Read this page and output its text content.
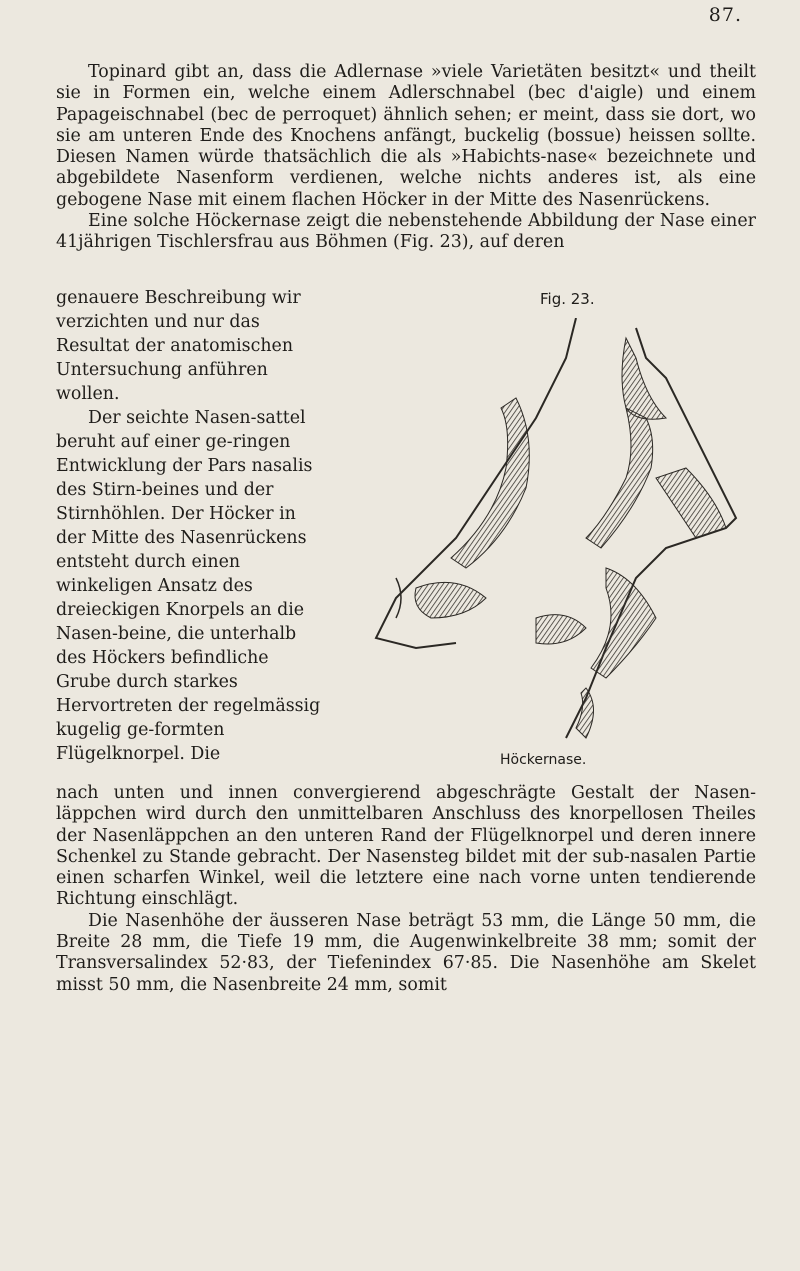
87.

Topinard gibt an, dass die Adlernase »viele Varietäten besitzt« und theilt sie in Formen ein, welche einem Adlerschnabel (bec d'aigle) und einem Papageischnabel (bec de perroquet) ähnlich sehen; er meint, dass sie dort, wo sie am unteren Ende des Knochens anfängt, buckelig (bossue) heissen sollte. Diesen Namen würde thatsächlich die als »Habichts-nase« bezeichnete und abgebildete Nasenform verdienen, welche nichts anderes ist, als eine gebogene Nase mit einem flachen Höcker in der Mitte des Nasenrückens.

Eine solche Höckernase zeigt die nebenstehende Abbildung der Nase einer 41jährigen Tischlersfrau aus Böhmen (Fig. 23), auf deren

genauere Beschreibung wir verzichten und nur das Resultat der anatomischen Untersuchung anführen wollen.

Der seichte Nasen-sattel beruht auf einer ge-ringen Entwicklung der Pars nasalis des Stirn-beines und der Stirnhöhlen. Der Höcker in der Mitte des Nasenrückens entsteht durch einen winkeligen Ansatz des dreieckigen Knorpels an die Nasen-beine, die unterhalb des Höckers befindliche Grube durch starkes Hervortreten der regelmässig kugelig ge-formten Flügelknorpel. Die

Fig. 23.
Höckernase.

nach unten und innen convergierend abgeschrägte Gestalt der Nasen-läppchen wird durch den unmittelbaren Anschluss des knorpellosen Theiles der Nasenläppchen an den unteren Rand der Flügelknorpel und deren innere Schenkel zu Stande gebracht. Der Nasensteg bildet mit der sub-nasalen Partie einen scharfen Winkel, weil die letztere eine nach vorne unten tendierende Richtung einschlägt.

Die Nasenhöhe der äusseren Nase beträgt 53 mm, die Länge 50 mm, die Breite 28 mm, die Tiefe 19 mm, die Augenwinkelbreite 38 mm; somit der Transversalindex 52·83, der Tiefenindex 67·85. Die Nasenhöhe am Skelet misst 50 mm, die Nasenbreite 24 mm, somit
